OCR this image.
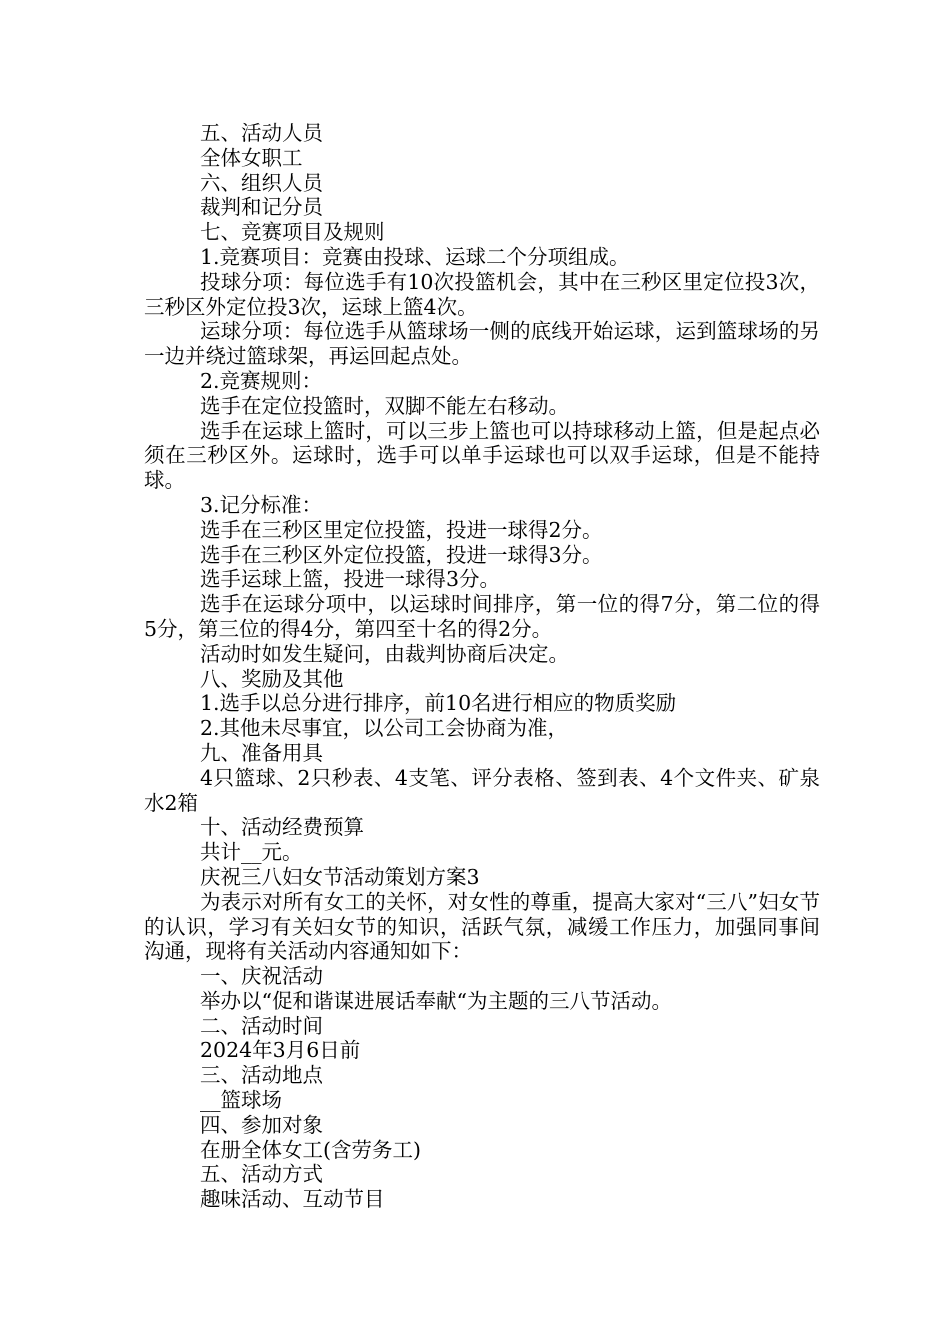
五、活动人员

全体女职工

六、组织人员

裁判和记分员

七、竞赛项目及规则

1.竞赛项目：竞赛由投球、运球二个分项组成。

投球分项：每位选手有10次投篮机会，其中在三秒区里定位投3次，三秒区外定位投3次，运球上篮4次。

运球分项：每位选手从篮球场一侧的底线开始运球，运到篮球场的另一边并绕过篮球架，再运回起点处。

2.竞赛规则：

选手在定位投篮时，双脚不能左右移动。

选手在运球上篮时，可以三步上篮也可以持球移动上篮，但是起点必须在三秒区外。运球时，选手可以单手运球也可以双手运球，但是不能持球。

3.记分标准：

选手在三秒区里定位投篮，投进一球得2分。

选手在三秒区外定位投篮，投进一球得3分。

选手运球上篮，投进一球得3分。

选手在运球分项中，以运球时间排序，第一位的得7分，第二位的得5分，第三位的得4分，第四至十名的得2分。

活动时如发生疑问，由裁判协商后决定。

八、奖励及其他

1.选手以总分进行排序，前10名进行相应的物质奖励

2.其他未尽事宜，以公司工会协商为准，

九、准备用具

4只篮球、2只秒表、4支笔、评分表格、签到表、4个文件夹、矿泉水2箱

十、活动经费预算

共计__元。

庆祝三八妇女节活动策划方案3

为表示对所有女工的关怀，对女性的尊重，提高大家对“三八”妇女节的认识，学习有关妇女节的知识，活跃气氛，减缓工作压力，加强同事间沟通，现将有关活动内容通知如下：

一、庆祝活动

举办以“促和谐谋进展话奉献“为主题的三八节活动。

二、活动时间

2024年3月6日前

三、活动地点

__篮球场

四、参加对象

在册全体女工(含劳务工)

五、活动方式

趣味活动、互动节目
